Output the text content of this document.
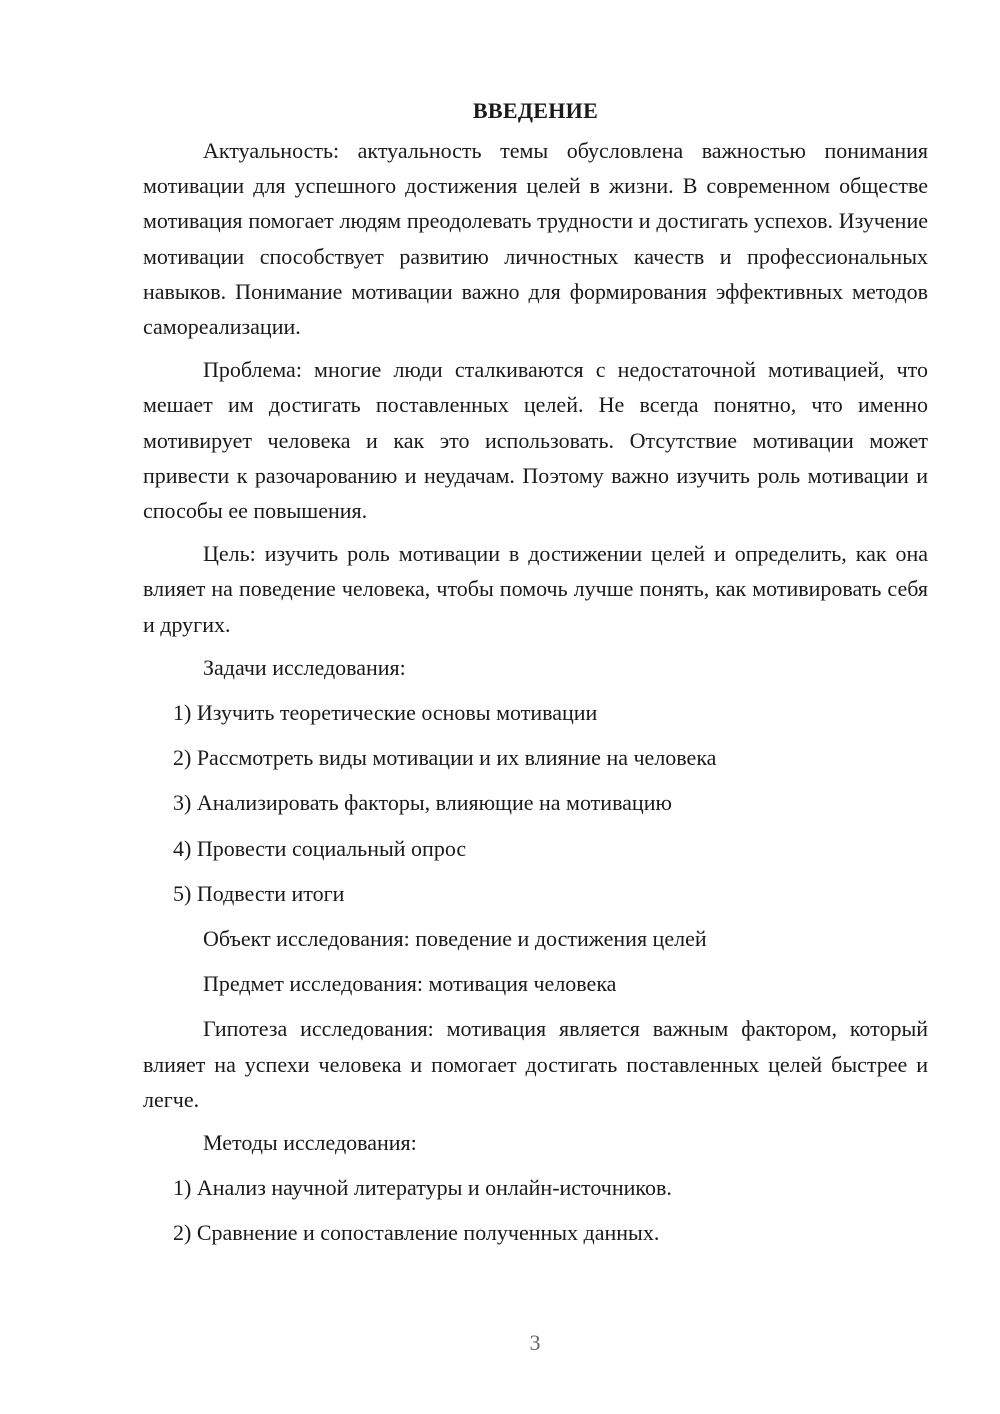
ВВЕДЕНИЕ

Актуальность: актуальность темы обусловлена важностью понимания мотивации для успешного достижения целей в жизни. В современном обществе мотивация помогает людям преодолевать трудности и достигать успехов. Изучение мотивации способствует развитию личностных качеств и профессиональных навыков. Понимание мотивации важно для формирования эффективных методов самореализации.

Проблема: многие люди сталкиваются с недостаточной мотивацией, что мешает им достигать поставленных целей. Не всегда понятно, что именно мотивирует человека и как это использовать. Отсутствие мотивации может привести к разочарованию и неудачам. Поэтому важно изучить роль мотивации и способы ее повышения.

Цель: изучить роль мотивации в достижении целей и определить, как она влияет на поведение человека, чтобы помочь лучше понять, как мотивировать себя и других.

Задачи исследования:
1) Изучить теоретические основы мотивации
2) Рассмотреть виды мотивации и их влияние на человека
3) Анализировать факторы, влияющие на мотивацию
4) Провести социальный опрос
5) Подвести итоги
Объект исследования: поведение и достижения целей
Предмет исследования: мотивация человека

Гипотеза исследования: мотивация является важным фактором, который влияет на успехи человека и помогает достигать поставленных целей быстрее и легче.

Методы исследования:
1) Анализ научной литературы и онлайн-источников.
2) Сравнение и сопоставление полученных данных.
3
